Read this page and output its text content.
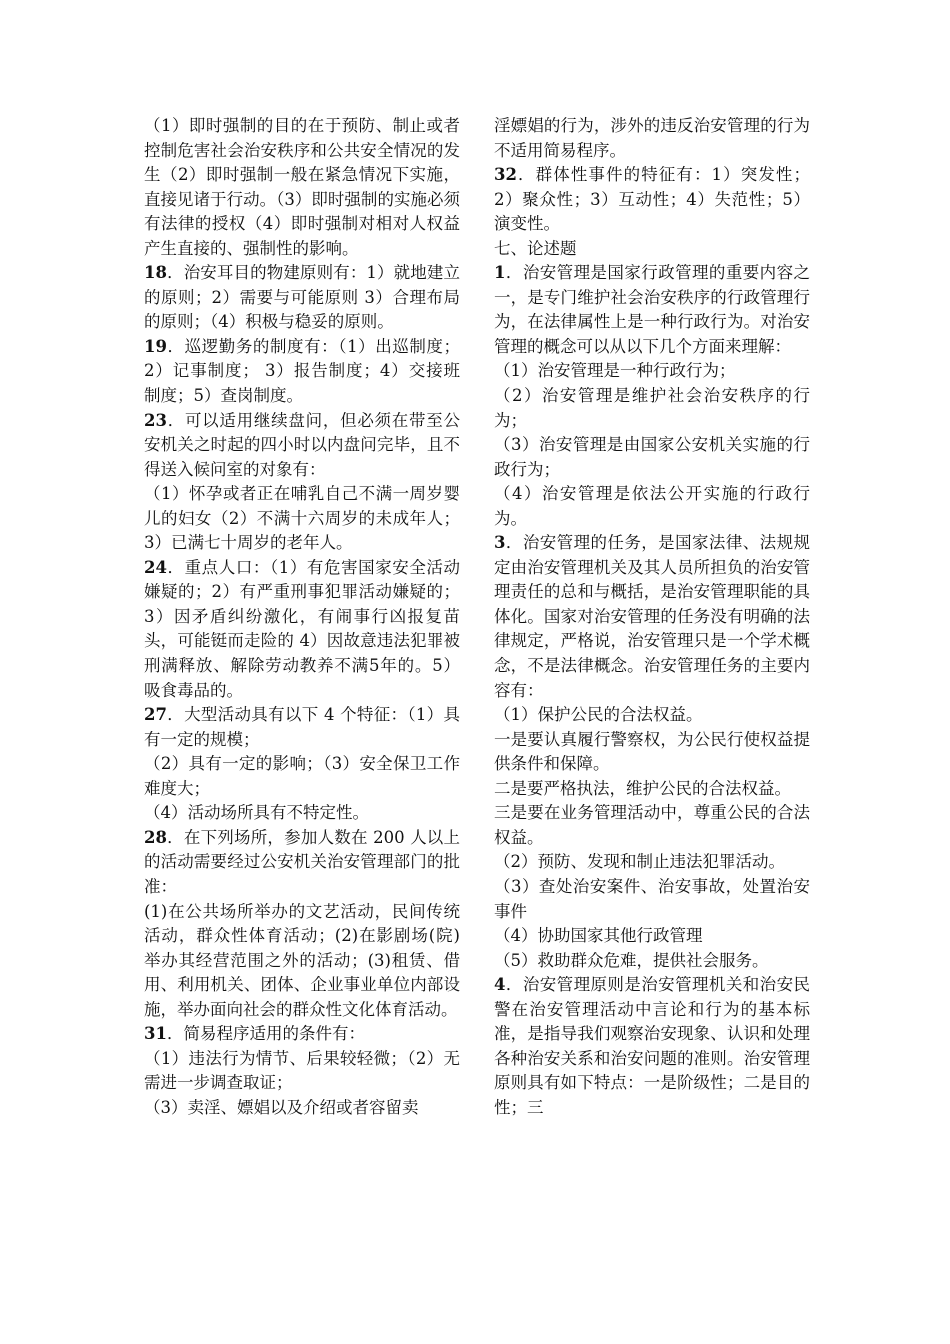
（1）即时强制的目的在于预防、制止或者控制危害社会治安秩序和公共安全情况的发生（2）即时强制一般在紧急情况下实施，直接见诸于行动。（3）即时强制的实施必须有法律的授权（4）即时强制对相对人权益产生直接的、强制性的影响。

18．治安耳目的物建原则有：1）就地建立的原则；2）需要与可能原则 3）合理布局的原则；（4）积极与稳妥的原则。

19．巡逻勤务的制度有：（1）出巡制度；2）记事制度； 3）报告制度；4）交接班制度；5）查岗制度。

23．可以适用继续盘问，但必须在带至公安机关之时起的四小时以内盘问完毕，且不得送入候问室的对象有：

（1）怀孕或者正在哺乳自己不满一周岁婴儿的妇女（2）不满十六周岁的未成年人；3）已满七十周岁的老年人。

24．重点人口：（1）有危害国家安全活动嫌疑的；2）有严重刑事犯罪活动嫌疑的；3）因矛盾纠纷激化，有闹事行凶报复苗头，可能铤而走险的 4）因故意违法犯罪被刑满释放、解除劳动教养不满5年的。5）吸食毒品的。

27．大型活动具有以下 4 个特征：（1）具有一定的规模；

（2）具有一定的影响；（3）安全保卫工作难度大；

（4）活动场所具有不特定性。

28．在下列场所，参加人数在 200 人以上的活动需要经过公安机关治安管理部门的批准：

(1)在公共场所举办的文艺活动，民间传统活动，群众性体育活动；(2)在影剧场(院)举办其经营范围之外的活动；(3)租赁、借用、利用机关、团体、企业事业单位内部设施，举办面向社会的群众性文化体育活动。

31．简易程序适用的条件有：

（1）违法行为情节、后果较轻微；（2）无需进一步调查取证；

（3）卖淫、嫖娼以及介绍或者容留卖

淫嫖娼的行为，涉外的违反治安管理的行为不适用简易程序。

32．群体性事件的特征有：1）突发性；2）聚众性；3）互动性；4）失范性；5）演变性。

七、论述题

1．治安管理是国家行政管理的重要内容之一，是专门维护社会治安秩序的行政管理行为，在法律属性上是一种行政行为。对治安管理的概念可以从以下几个方面来理解：

（1）治安管理是一种行政行为；

（2）治安管理是维护社会治安秩序的行为；

（3）治安管理是由国家公安机关实施的行政行为；

（4）治安管理是依法公开实施的行政行为。

3．治安管理的任务，是国家法律、法规规定由治安管理机关及其人员所担负的治安管理责任的总和与概括，是治安管理职能的具体化。国家对治安管理的任务没有明确的法律规定，严格说，治安管理只是一个学术概念，不是法律概念。治安管理任务的主要内容有：

（1）保护公民的合法权益。

一是要认真履行警察权，为公民行使权益提供条件和保障。

二是要严格执法，维护公民的合法权益。

三是要在业务管理活动中，尊重公民的合法权益。

（2）预防、发现和制止违法犯罪活动。

（3）查处治安案件、治安事故，处置治安事件

（4）协助国家其他行政管理

（5）救助群众危难，提供社会服务。

4．治安管理原则是治安管理机关和治安民警在治安管理活动中言论和行为的基本标准，是指导我们观察治安现象、认识和处理各种治安关系和治安问题的准则。治安管理原则具有如下特点：一是阶级性；二是目的性；三
